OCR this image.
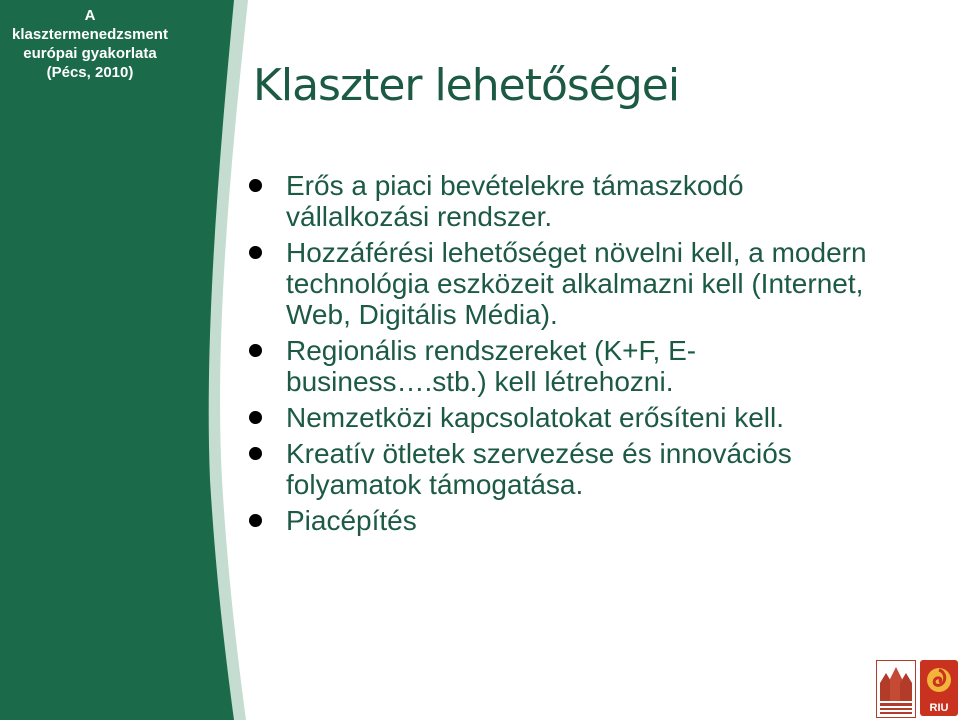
A
klasztermenedzsment
európai gyakorlata
(Pécs, 2010)	Klaszter lehetőségei
Erős a piaci bevételekre támaszkodó vállalkozási rendszer.
Hozzáférési lehetőséget növelni kell, a modern technológia eszközeit alkalmazni kell (Internet, Web, Digitális Média).
Regionális rendszereket (K+F, E-business….stb.) kell létrehozni.
Nemzetközi kapcsolatokat erősíteni kell.
Kreatív ötletek szervezése és innovációs folyamatok támogatása.
Piacépítés
RIU
